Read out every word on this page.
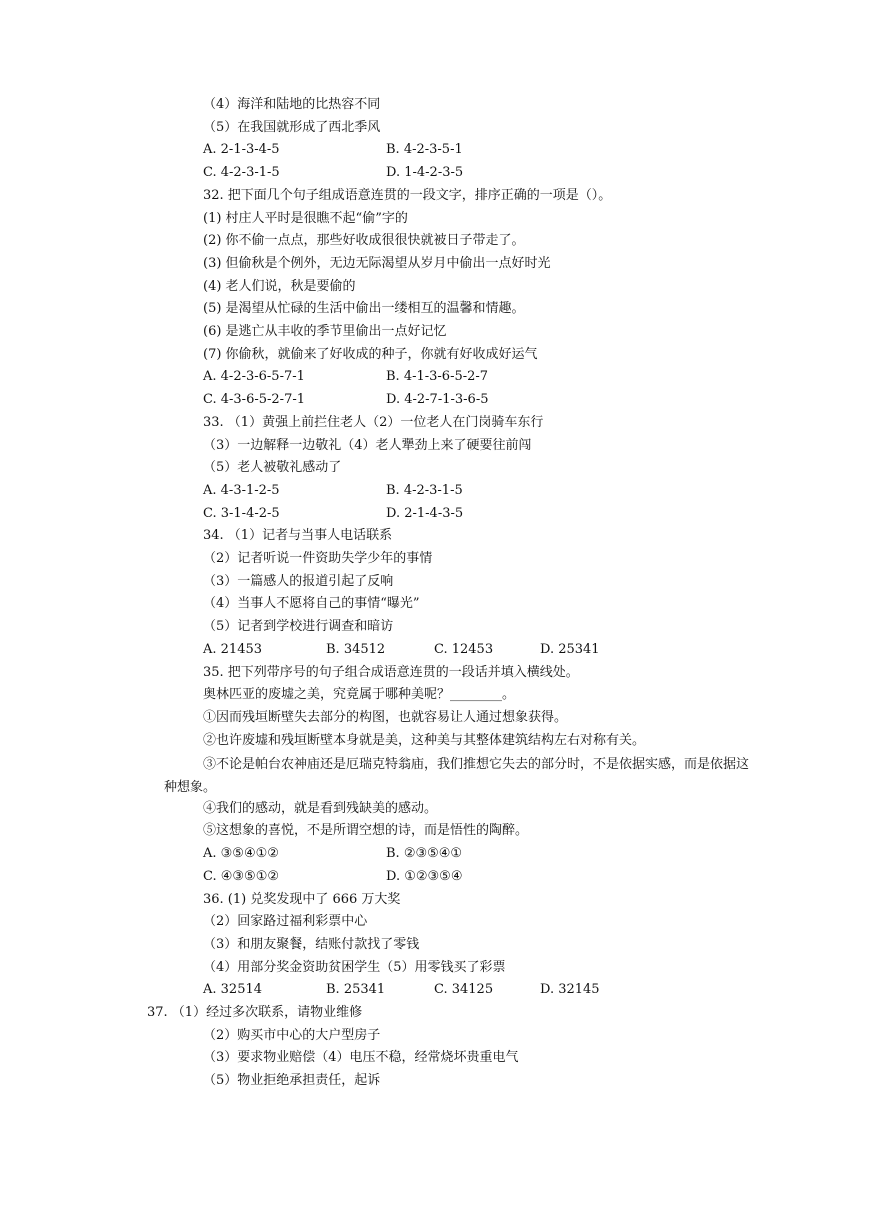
（4）海洋和陆地的比热容不同
（5）在我国就形成了西北季风
A. 2-1-3-4-5	B. 4-2-3-5-1
C. 4-2-3-1-5	D. 1-4-2-3-5
32. 把下面几个句子组成语意连贯的一段文字，排序正确的一项是（）。
(1) 村庄人平时是很瞧不起“偷”字的
(2) 你不偷一点点，那些好收成很很快就被日子带走了。
(3) 但偷秋是个例外，无边无际渴望从岁月中偷出一点好时光
(4) 老人们说，秋是要偷的
(5) 是渴望从忙碌的生活中偷出一缕相互的温馨和情趣。
(6) 是逃亡从丰收的季节里偷出一点好记忆
(7) 你偷秋，就偷来了好收成的种子，你就有好收成好运气
A. 4-2-3-6-5-7-1	B. 4-1-3-6-5-2-7
C. 4-3-6-5-2-7-1	D. 4-2-7-1-3-6-5
33. （1）黄强上前拦住老人（2）一位老人在门岗骑车东行
（3）一边解释一边敬礼（4）老人犟劲上来了硬要往前闯
（5）老人被敬礼感动了
A. 4-3-1-2-5	B. 4-2-3-1-5
C. 3-1-4-2-5	D. 2-1-4-3-5
34. （1）记者与当事人电话联系
（2）记者听说一件资助失学少年的事情
（3）一篇感人的报道引起了反响
（4）当事人不愿将自己的事情“曝光”
（5）记者到学校进行调查和暗访
A. 21453	B. 34512	C. 12453	D. 25341
35. 把下列带序号的句子组合成语意连贯的一段话并填入横线处。
奥林匹亚的废墟之美，究竟属于哪种美呢？________。
①因而残垣断壁失去部分的构图，也就容易让人通过想象获得。
②也许废墟和残垣断壁本身就是美，这种美与其整体建筑结构左右对称有关。
③不论是帕台农神庙还是厄瑞克特翁庙，我们推想它失去的部分时，不是依据实感，而是依据这种想象。
④我们的感动，就是看到残缺美的感动。
⑤这想象的喜悦，不是所谓空想的诗，而是悟性的陶醉。
A. ③⑤④①②	B. ②③⑤④①
C. ④③⑤①②	D. ①②③⑤④
36. (1) 兑奖发现中了 666 万大奖
（2）回家路过福利彩票中心
（3）和朋友聚餐，结账付款找了零钱
（4）用部分奖金资助贫困学生（5）用零钱买了彩票
A. 32514	B. 25341	C. 34125	D. 32145
37. （1）经过多次联系，请物业维修
（2）购买市中心的大户型房子
（3）要求物业赔偿（4）电压不稳，经常烧坏贵重电气
（5）物业拒绝承担责任，起诉
